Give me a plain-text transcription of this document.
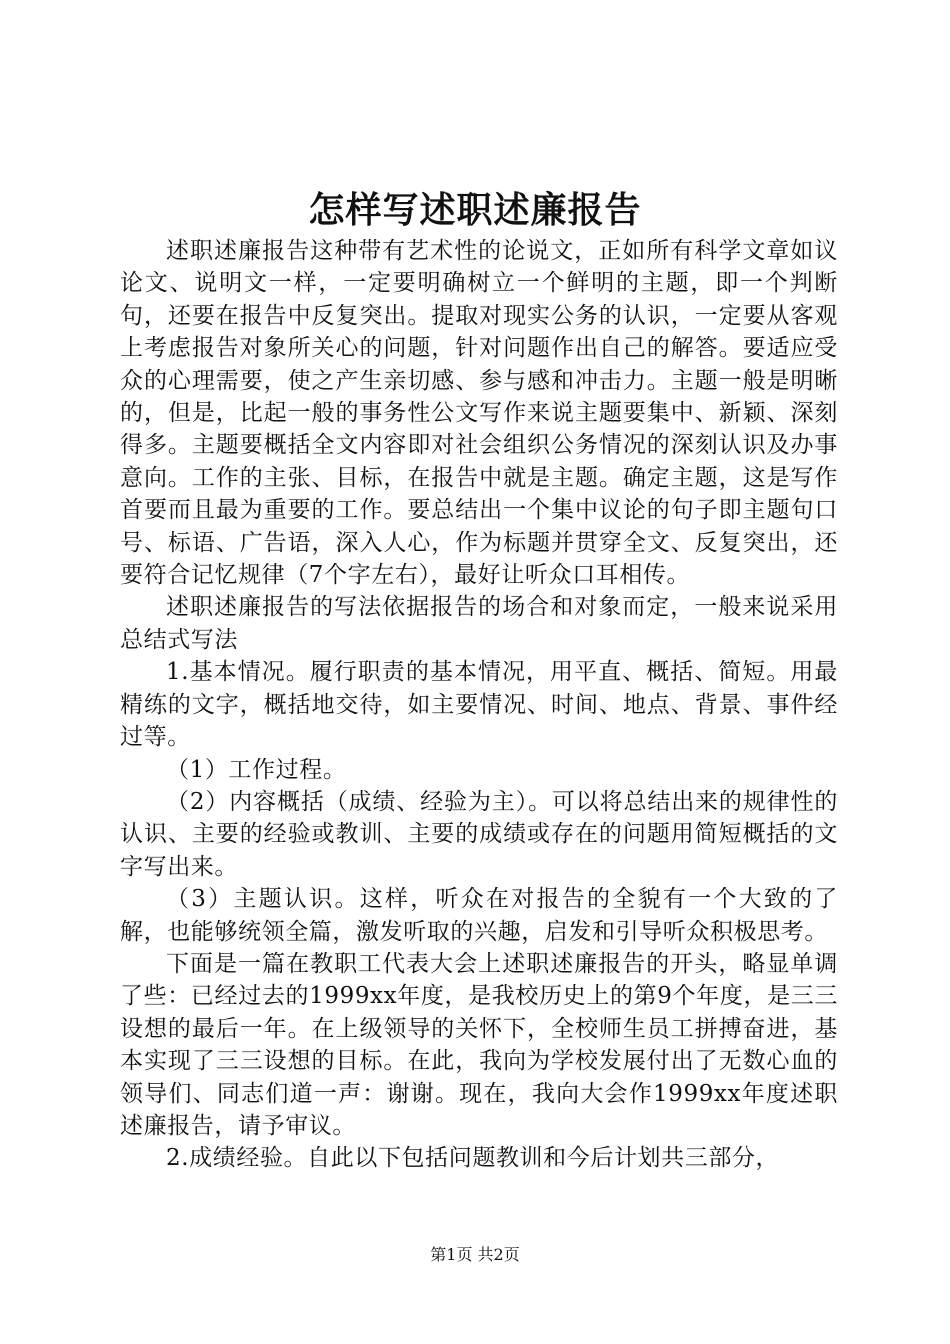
怎样写述职述廉报告

述职述廉报告这种带有艺术性的论说文，正如所有科学文章如议论文、说明文一样，一定要明确树立一个鲜明的主题，即一个判断句，还要在报告中反复突出。提取对现实公务的认识，一定要从客观上考虑报告对象所关心的问题，针对问题作出自己的解答。要适应受众的心理需要，使之产生亲切感、参与感和冲击力。主题一般是明晰的，但是，比起一般的事务性公文写作来说主题要集中、新颖、深刻得多。主题要概括全文内容即对社会组织公务情况的深刻认识及办事意向。工作的主张、目标，在报告中就是主题。确定主题，这是写作首要而且最为重要的工作。要总结出一个集中议论的句子即主题句口号、标语、广告语，深入人心，作为标题并贯穿全文、反复突出，还要符合记忆规律（7个字左右），最好让听众口耳相传。

述职述廉报告的写法依据报告的场合和对象而定，一般来说采用总结式写法

1.基本情况。履行职责的基本情况，用平直、概括、简短。用最精练的文字，概括地交待，如主要情况、时间、地点、背景、事件经过等。

（1）工作过程。

（2）内容概括（成绩、经验为主）。可以将总结出来的规律性的认识、主要的经验或教训、主要的成绩或存在的问题用简短概括的文字写出来。

（3）主题认识。这样，听众在对报告的全貌有一个大致的了解，也能够统领全篇，激发听取的兴趣，启发和引导听众积极思考。

下面是一篇在教职工代表大会上述职述廉报告的开头，略显单调了些：已经过去的1999xx年度，是我校历史上的第9个年度，是三三设想的最后一年。在上级领导的关怀下，全校师生员工拼搏奋进，基本实现了三三设想的目标。在此，我向为学校发展付出了无数心血的领导们、同志们道一声：谢谢。现在，我向大会作1999xx年度述职述廉报告，请予审议。

2.成绩经验。自此以下包括问题教训和今后计划共三部分，

第1页 共2页
